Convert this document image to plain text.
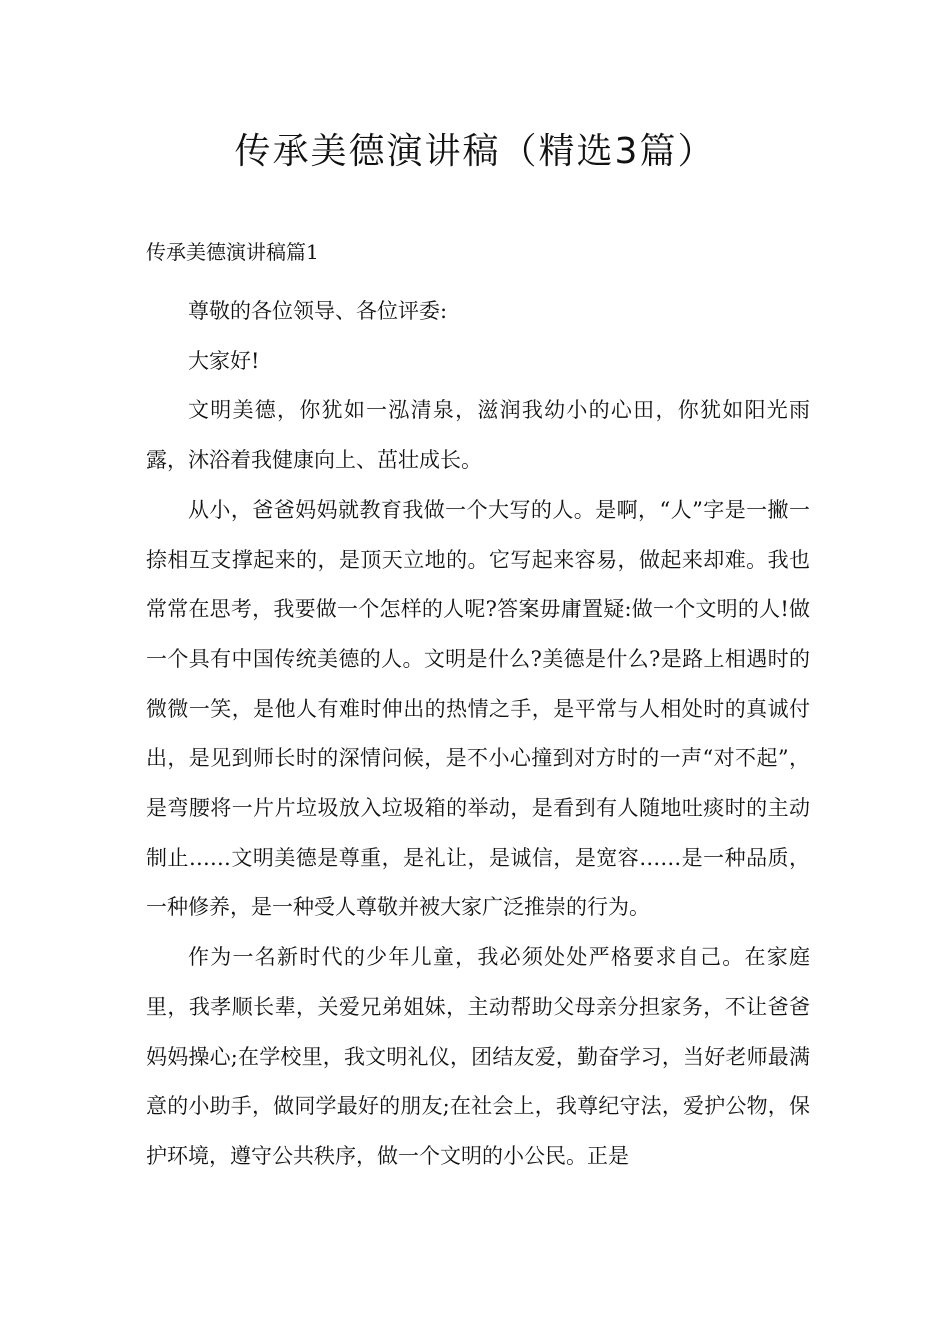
传承美德演讲稿（精选3篇）
传承美德演讲稿篇1

尊敬的各位领导、各位评委:

大家好!

文明美德，你犹如一泓清泉，滋润我幼小的心田，你犹如阳光雨露，沐浴着我健康向上、茁壮成长。

从小，爸爸妈妈就教育我做一个大写的人。是啊，“人”字是一撇一捺相互支撑起来的，是顶天立地的。它写起来容易，做起来却难。我也常常在思考，我要做一个怎样的人呢?答案毋庸置疑:做一个文明的人!做一个具有中国传统美德的人。文明是什么?美德是什么?是路上相遇时的微微一笑，是他人有难时伸出的热情之手，是平常与人相处时的真诚付出，是见到师长时的深情问候，是不小心撞到对方时的一声“对不起”，是弯腰将一片片垃圾放入垃圾箱的举动，是看到有人随地吐痰时的主动制止……文明美德是尊重，是礼让，是诚信，是宽容……是一种品质，一种修养，是一种受人尊敬并被大家广泛推崇的行为。

作为一名新时代的少年儿童，我必须处处严格要求自己。在家庭里，我孝顺长辈，关爱兄弟姐妹，主动帮助父母亲分担家务，不让爸爸妈妈操心;在学校里，我文明礼仪，团结友爱，勤奋学习，当好老师最满意的小助手，做同学最好的朋友;在社会上，我尊纪守法，爱护公物，保护环境，遵守公共秩序，做一个文明的小公民。正是
